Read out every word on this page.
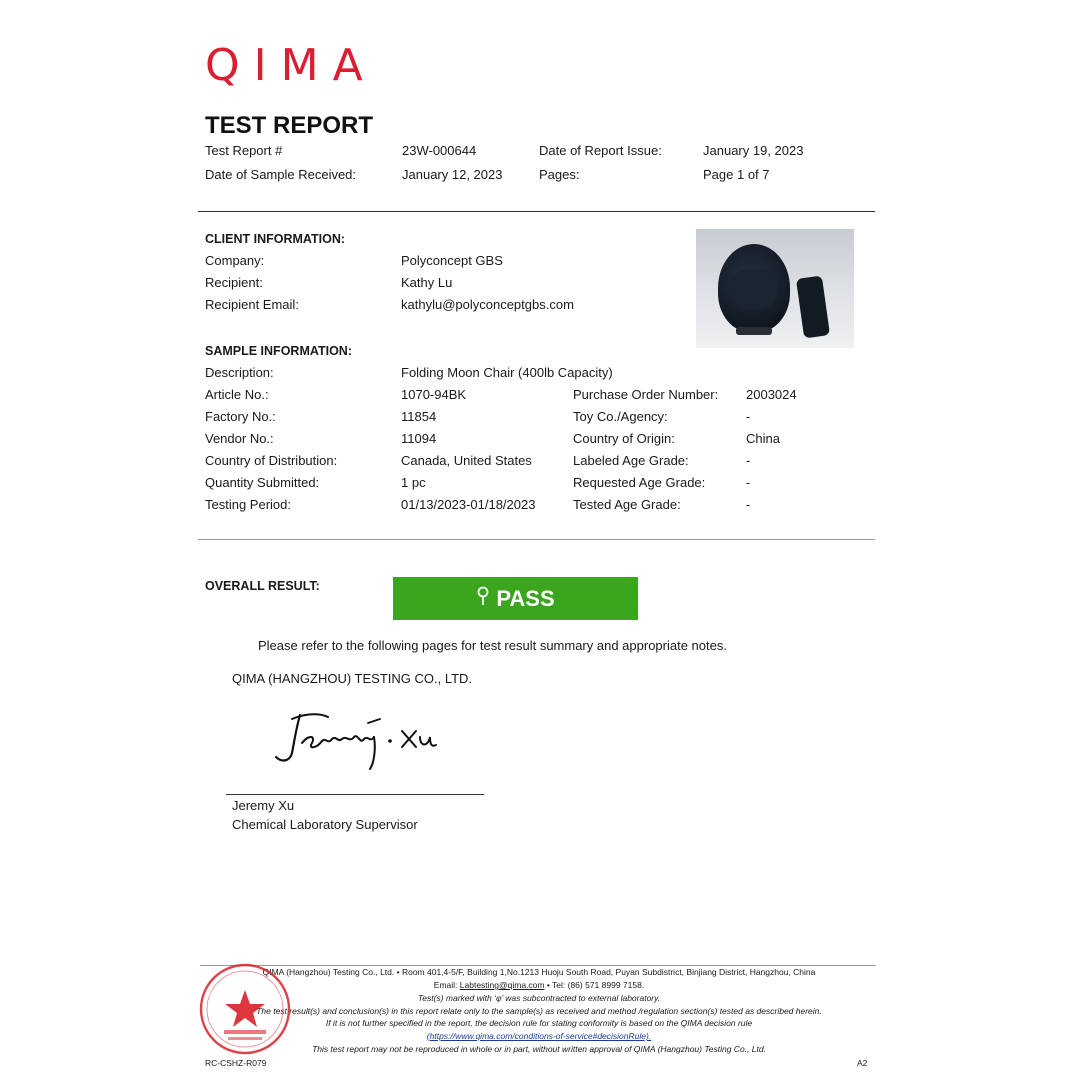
QIMA
TEST REPORT
Test Report #	23W-000644	Date of Report Issue:	January 19, 2023
Date of Sample Received:	January 12, 2023	Pages:	Page 1 of 7
CLIENT INFORMATION:
Company:	Polyconcept GBS
Recipient:	Kathy Lu
Recipient Email:	kathylu@polyconceptgbs.com
SAMPLE INFORMATION:
Description:	Folding Moon Chair (400lb Capacity)
Article No.:	1070-94BK	Purchase Order Number: 2003024
Factory No.:	11854	Toy Co./Agency:	-
Vendor No.:	11094	Country of Origin:	China
Country of Distribution:	Canada, United States	Labeled Age Grade:	-
Quantity Submitted:	1 pc	Requested Age Grade:	-
Testing Period:	01/13/2023-01/18/2023	Tested Age Grade:	-
OVERALL RESULT:	PASS
Please refer to the following pages for test result summary and appropriate notes.
QIMA (HANGZHOU) TESTING CO., LTD.
Jeremy Xu
Chemical Laboratory Supervisor
QIMA (Hangzhou) Testing Co., Ltd. • Room 401,4-5/F, Building 1,No.1213 Huoju South Road, Puyan Subdistrict, Binjiang District, Hangzhou, China
Email: Labtesting@qima.com • Tel: (86) 571 8999 7158.
Test(s) marked with ‘φ’ was subcontracted to external laboratory.
The test result(s) and conclusion(s) in this report relate only to the sample(s) as received and method /regulation section(s) tested as described herein.
If it is not further specified in the report, the decision rule for stating conformity is based on the QIMA decision rule
(https://www.qima.com/conditions-of-service#decisionRule).
This test report may not be reproduced in whole or in part, without written approval of QIMA (Hangzhou) Testing Co., Ltd.
RC-CSHZ-R079	A2
